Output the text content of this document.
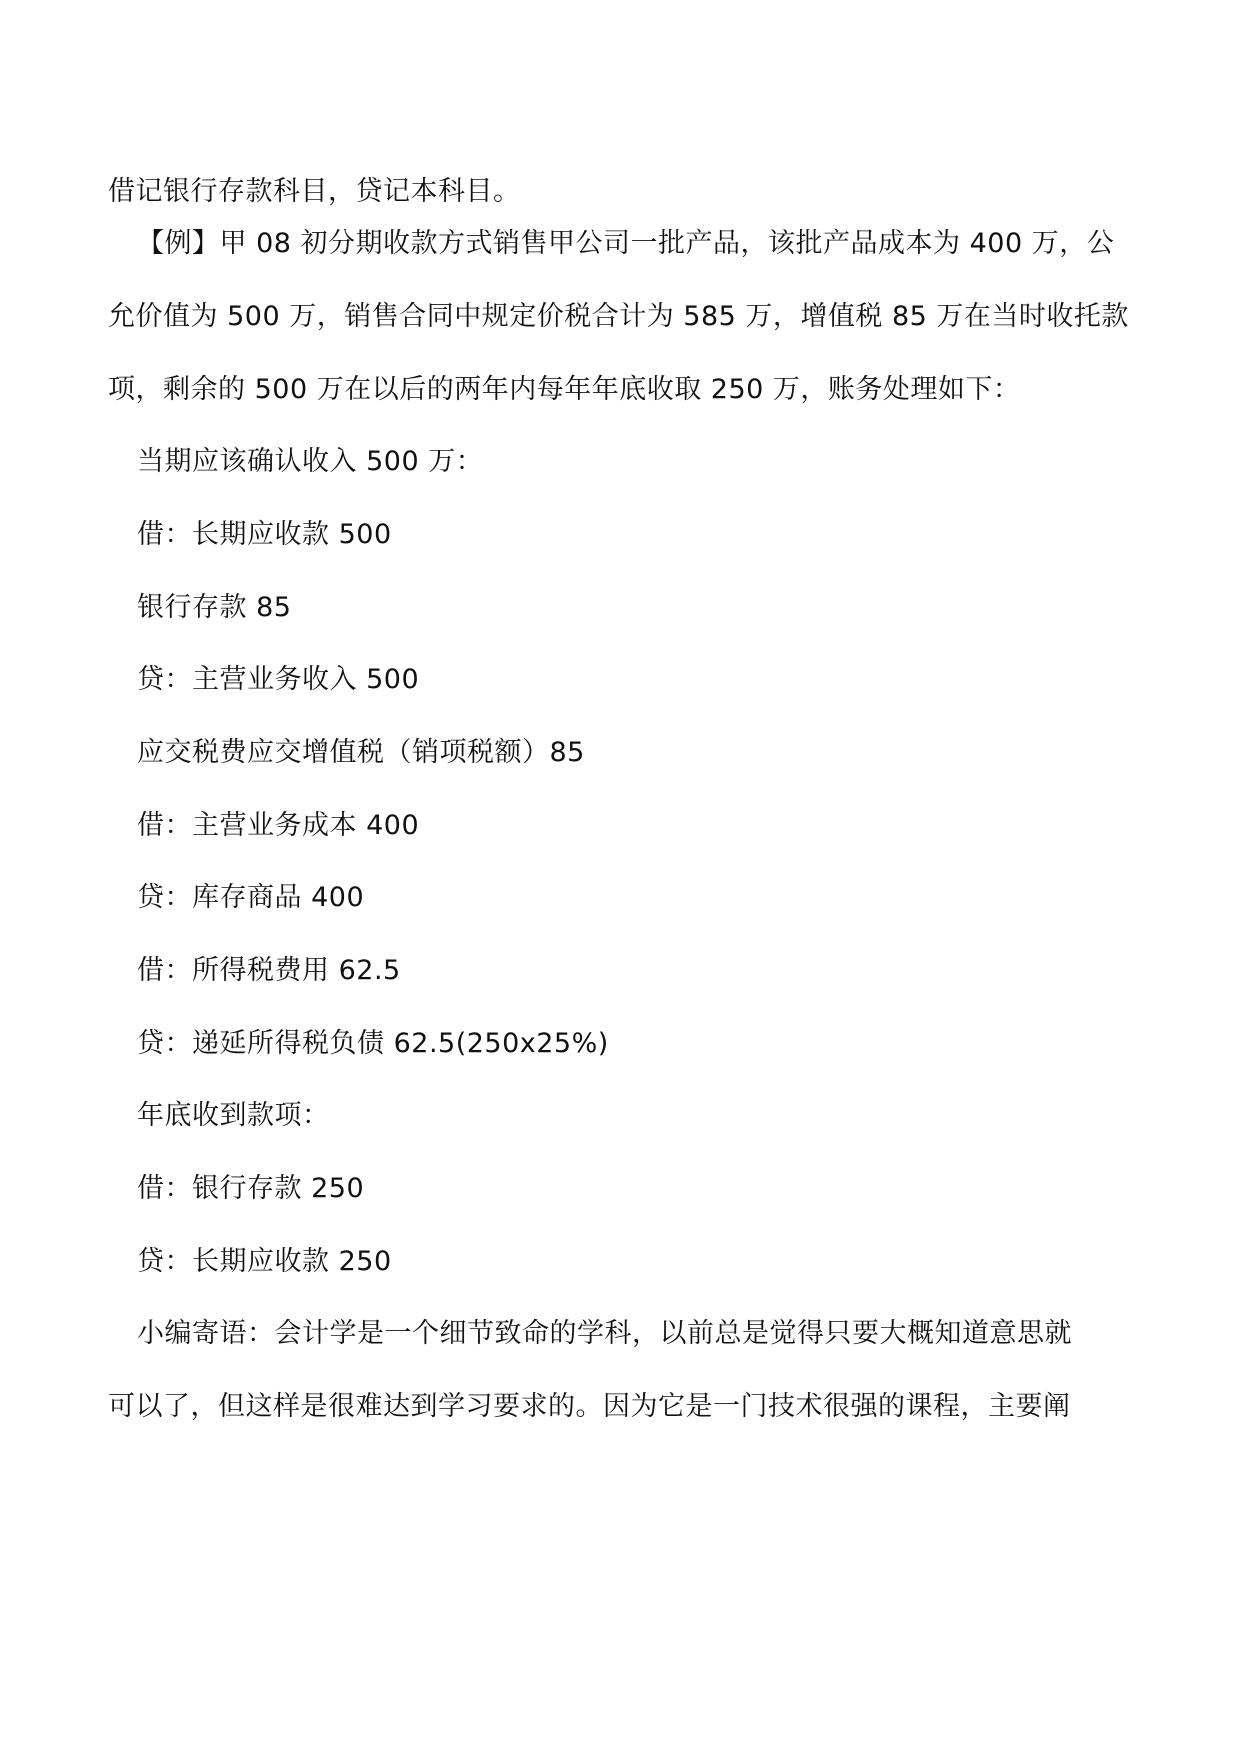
借记银行存款科目，贷记本科目。
【例】甲 08 初分期收款方式销售甲公司一批产品，该批产品成本为 400 万，公
允价值为 500 万，销售合同中规定价税合计为 585 万，增值税 85 万在当时收托款
项，剩余的 500 万在以后的两年内每年年底收取 250 万，账务处理如下：
当期应该确认收入 500 万：
借：长期应收款 500
银行存款 85
贷：主营业务收入 500
应交税费应交增值税（销项税额）85
借：主营业务成本 400
贷：库存商品 400
借：所得税费用 62.5
贷：递延所得税负债 62.5(250x25%)
年底收到款项：
借：银行存款 250
贷：长期应收款 250
小编寄语：会计学是一个细节致命的学科，以前总是觉得只要大概知道意思就
可以了，但这样是很难达到学习要求的。因为它是一门技术很强的课程，主要阐
